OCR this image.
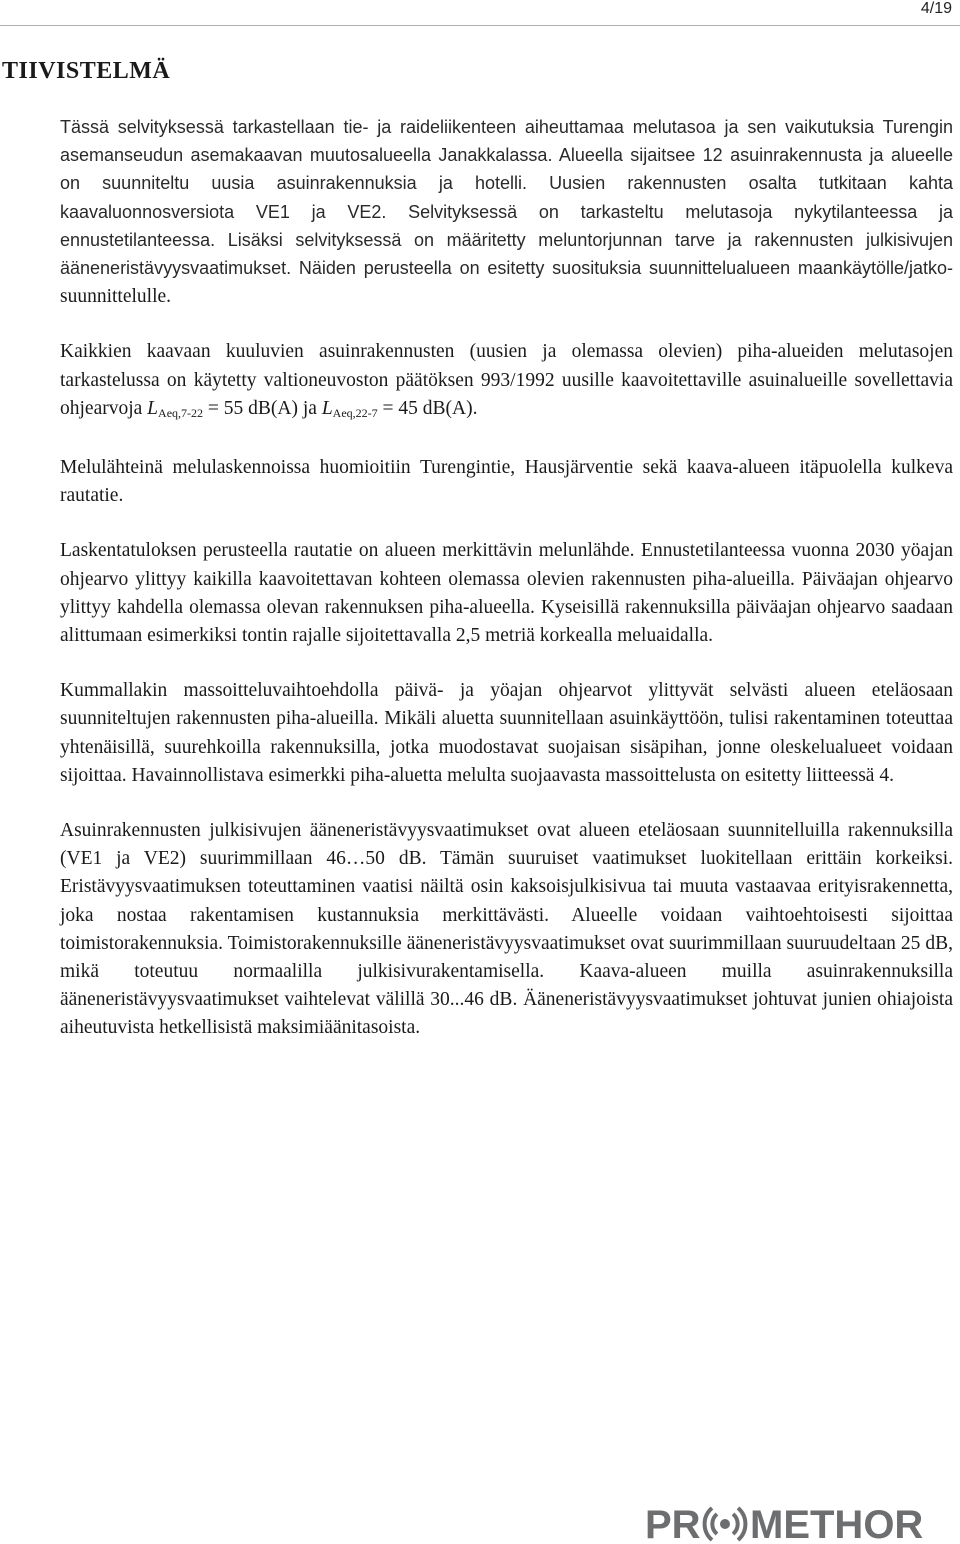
4/19
TIIVISTELMÄ

Tässä selvityksessä tarkastellaan tie- ja raideliikenteen aiheuttamaa melutasoa ja sen vaikutuksia Turengin asemanseudun asemakaavan muutosalueella Janakkalassa. Alueella sijaitsee 12 asuinrakennusta ja alueelle on suunniteltu uusia asuinrakennuksia ja hotelli. Uusien rakennusten osalta tutkitaan kahta kaavaluonnosversiota VE1 ja VE2. Selvityksessä on tarkasteltu melutasoja nykytilanteessa ja ennustetilanteessa. Lisäksi selvityksessä on määritetty meluntorjunnan tarve ja rakennusten julkisivujen ääneneristävyysvaatimukset. Näiden perusteella on esitetty suosituksia suunnittelualueen maankäytölle/jatko-suunnittelulle.

Kaikkien kaavaan kuuluvien asuinrakennusten (uusien ja olemassa olevien) piha-alueiden melutasojen tarkastelussa on käytetty valtioneuvoston päätöksen 993/1992 uusille kaavoitettaville asuinalueille sovellettavia ohjearvoja $L_{Aeq,7-22} = 55$ dB(A) ja $L_{Aeq,22-7} = 45$ dB(A).

Melulähteinä melulaskennoissa huomioitiin Turengintie, Hausjärventie sekä kaava-alueen itäpuolella kulkeva rautatie.

Laskentatuloksen perusteella rautatie on alueen merkittävin melunlähde. Ennustetilanteessa vuonna 2030 yöajan ohjearvo ylittyy kaikilla kaavoitettavan kohteen olemassa olevien rakennusten piha-alueilla. Päiväajan ohjearvo ylittyy kahdella olemassa olevan rakennuksen piha-alueella. Kyseisillä rakennuksilla päiväajan ohjearvo saadaan alittumaan esimerkiksi tontin rajalle sijoitettavalla 2,5 metriä korkealla meluaidalla.

Kummallakin massoitteluvaihtoehdolla päivä- ja yöajan ohjearvot ylittyvät selvästi alueen eteläosaan suunniteltujen rakennusten piha-alueilla. Mikäli aluetta suunnitellaan asuinkäyttöön, tulisi rakentaminen toteuttaa yhtenäisillä, suurehkoilla rakennuksilla, jotka muodostavat suojaisan sisäpihan, jonne oleskelualueet voidaan sijoittaa. Havainnollistava esimerkki piha-aluetta melulta suojaavasta massoittelusta on esitetty liitteessä 4.

Asuinrakennusten julkisivujen ääneneristävyysvaatimukset ovat alueen eteläosaan suunnitelluilla rakennuksilla (VE1 ja VE2) suurimmillaan 46…50 dB. Tämän suuruiset vaatimukset luokitellaan erittäin korkeiksi. Eristävyysvaatimuksen toteuttaminen vaatisi näiltä osin kaksoisjulkisivua tai muuta vastaavaa erityisrakennetta, joka nostaa rakentamisen kustannuksia merkittävästi. Alueelle voidaan vaihtoehtoisesti sijoittaa toimistorakennuksia. Toimistorakennuksille ääneneristävyysvaatimukset ovat suurimmillaan suuruudeltaan 25 dB, mikä toteutuu normaalilla julkisivurakentamisella. Kaava-alueen muilla asuinrakennuksilla ääneneristävyysvaatimukset vaihtelevat välillä 30...46 dB. Ääneneristävyysvaatimukset johtuvat junien ohiajoista aiheutuvista hetkellisistä maksimiäänitasoista.

PR METHOR
